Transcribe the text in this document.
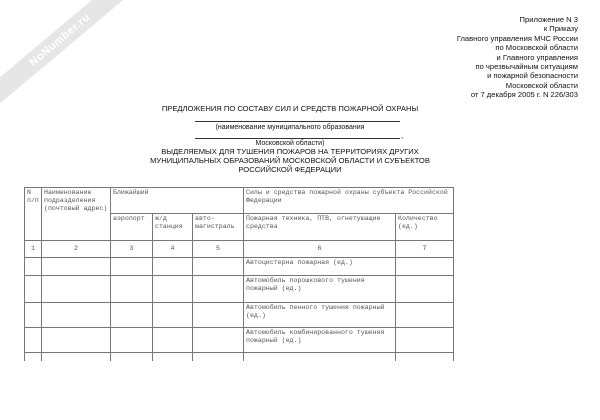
NoNumber.ru	Приложение N 3
к Приказу
Главного управления МЧС России
по Московской области
и Главного управления
по чрезвычайным ситуациям
и пожарной безопасности
Московской области
от 7 декабря 2005 г. N 226/303
ПРЕДЛОЖЕНИЯ ПО СОСТАВУ СИЛ И СРЕДСТВ ПОЖАРНОЙ ОХРАНЫ
(наименование муниципального образования
,
Московской области)
ВЫДЕЛЯЕМЫХ ДЛЯ ТУШЕНИЯ ПОЖАРОВ НА ТЕРРИТОРИЯХ ДРУГИХ
МУНИЦИПАЛЬНЫХ ОБРАЗОВАНИЙ МОСКОВСКОЙ ОБЛАСТИ И СУБЪЕКТОВ
РОССИЙСКОЙ ФЕДЕРАЦИИ
N п/п	Наименование подразделения (почтовый адрес)	Ближайший			Силы и средства пожарной охраны субъекта Российской Федерации	
		аэропорт	ж/д станция	авто- магистраль	Пожарная техника, ПТВ, огнетушащие средства	Количество (ед.)
1	2	3	4	5	6	7
					Автоцистерна пожарная (ед.)	
					Автомобиль порошкового тушения пожарный (ед.)	
					Автомобиль пенного тушения пожарный (ед.)	
					Автомобиль комбинированного тушения пожарный (ед.)	
